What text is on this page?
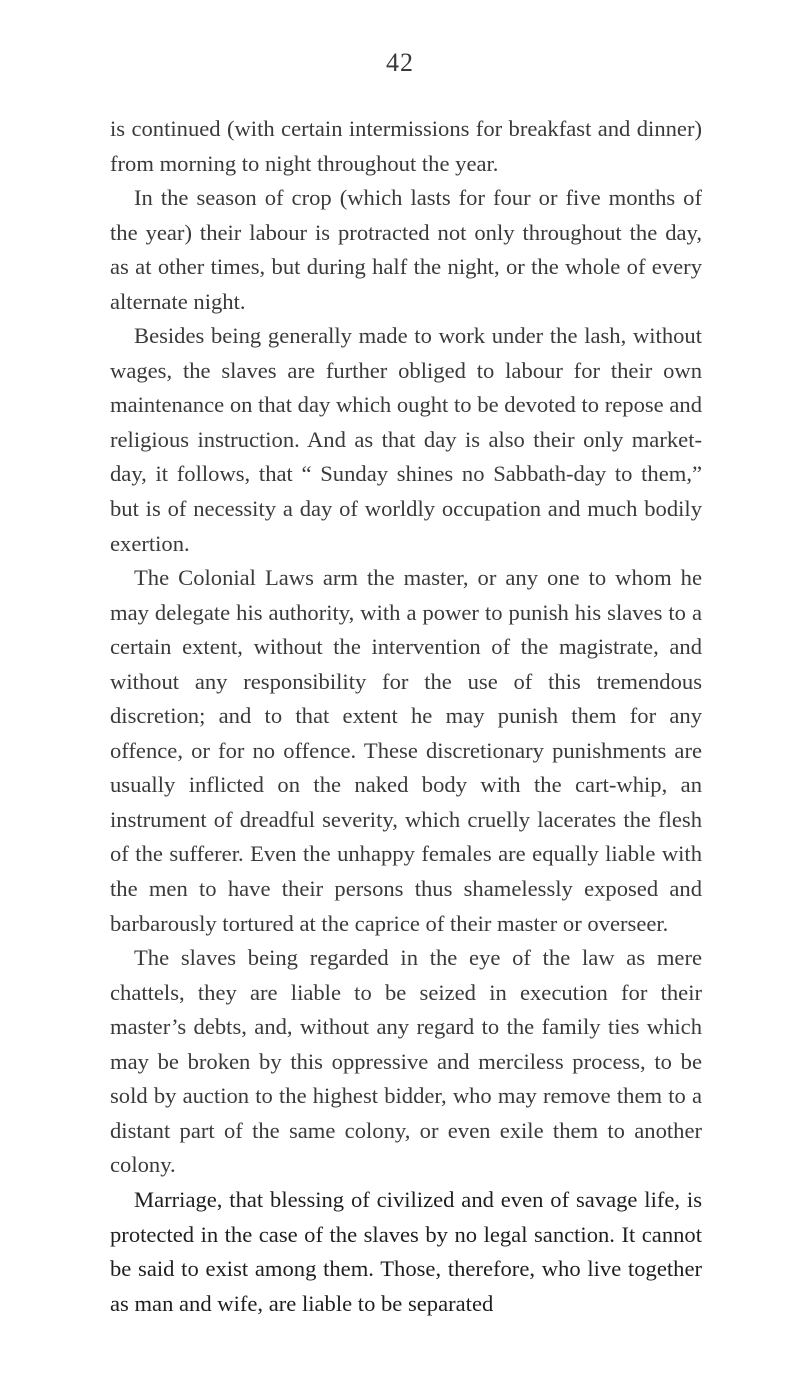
42

is continued (with certain intermissions for breakfast and dinner) from morning to night throughout the year.

In the season of crop (which lasts for four or five months of the year) their labour is protracted not only throughout the day, as at other times, but during half the night, or the whole of every alternate night.

Besides being generally made to work under the lash, without wages, the slaves are further obliged to labour for their own maintenance on that day which ought to be devoted to repose and religious instruction. And as that day is also their only market-day, it follows, that “ Sunday shines no Sabbath-day to them,” but is of necessity a day of worldly occupation and much bodily exertion.

The Colonial Laws arm the master, or any one to whom he may delegate his authority, with a power to punish his slaves to a certain extent, without the intervention of the magistrate, and without any responsibility for the use of this tremendous discretion; and to that extent he may punish them for any offence, or for no offence. These discretionary punishments are usually inflicted on the naked body with the cart-whip, an instrument of dreadful severity, which cruelly lacerates the flesh of the sufferer. Even the unhappy females are equally liable with the men to have their persons thus shamelessly exposed and barbarously tortured at the caprice of their master or overseer.

The slaves being regarded in the eye of the law as mere chattels, they are liable to be seized in execution for their master’s debts, and, without any regard to the family ties which may be broken by this oppressive and merciless process, to be sold by auction to the highest bidder, who may remove them to a distant part of the same colony, or even exile them to another colony.

Marriage, that blessing of civilized and even of savage life, is protected in the case of the slaves by no legal sanction. It cannot be said to exist among them. Those, therefore, who live together as man and wife, are liable to be separated
